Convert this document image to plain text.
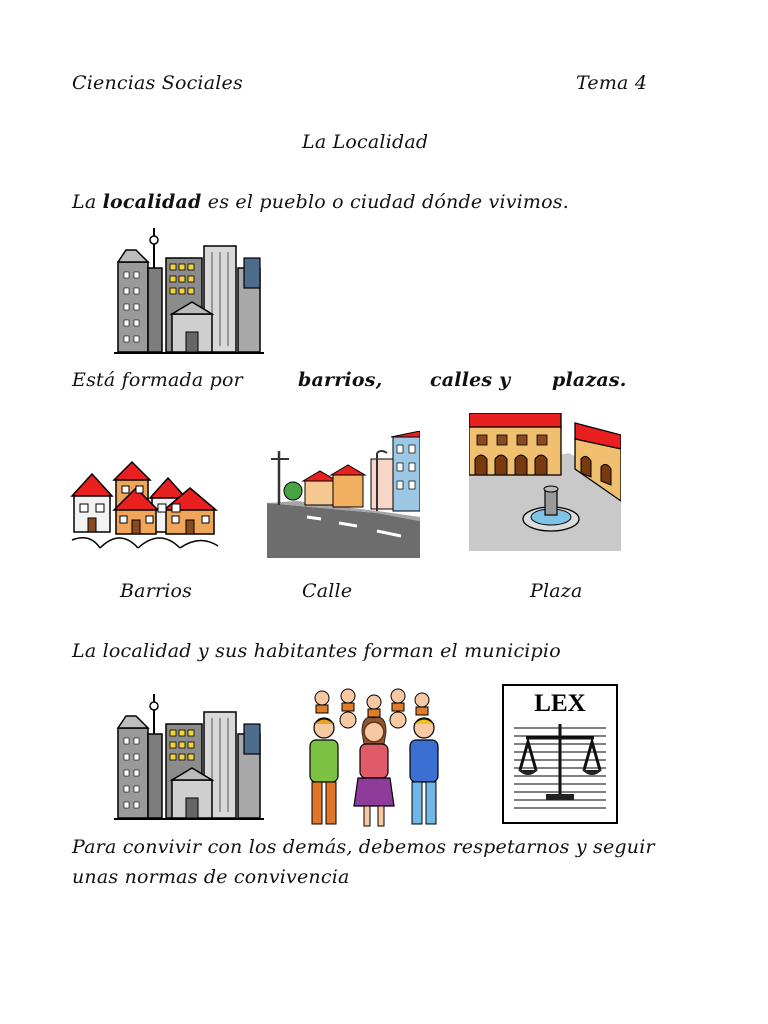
Ciencias Sociales	Tema 4
La Localidad
La localidad es el pueblo o ciudad dónde vivimos.
Está formada por	barrios,	calles y plazas.
Barrios	Calle	Plaza
La localidad y sus habitantes forman el municipio
LEX
Para convivir con los demás, debemos respetarnos y seguir
unas normas de convivencia
